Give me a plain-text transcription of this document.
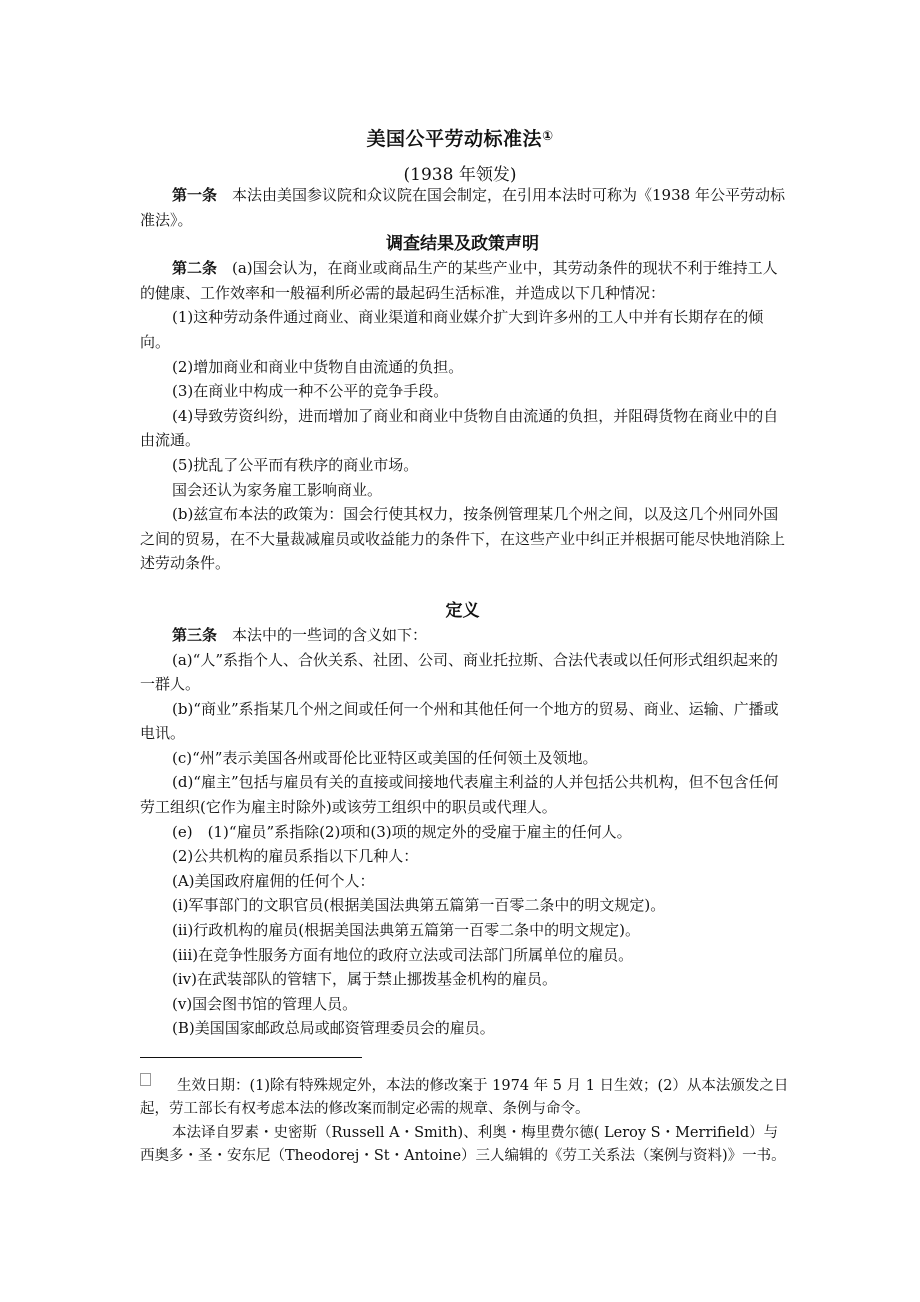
美国公平劳动标准法①
(1938 年领发)

第一条　本法由美国参议院和众议院在国会制定，在引用本法时可称为《1938 年公平劳动标准法》。

调查结果及政策声明

第二条　(a)国会认为，在商业或商品生产的某些产业中，其劳动条件的现状不利于维持工人的健康、工作效率和一般福利所必需的最起码生活标准，并造成以下几种情况：

(1)这种劳动条件通过商业、商业渠道和商业媒介扩大到许多州的工人中并有长期存在的倾向。

(2)增加商业和商业中货物自由流通的负担。

(3)在商业中构成一种不公平的竞争手段。

(4)导致劳资纠纷，进而增加了商业和商业中货物自由流通的负担，并阻碍货物在商业中的自由流通。

(5)扰乱了公平而有秩序的商业市场。

国会还认为家务雇工影响商业。

(b)兹宣布本法的政策为：国会行使其权力，按条例管理某几个州之间，以及这几个州同外国之间的贸易，在不大量裁减雇员或收益能力的条件下，在这些产业中纠正并根据可能尽快地消除上述劳动条件。

定义

第三条　本法中的一些词的含义如下：

(a)“人”系指个人、合伙关系、社团、公司、商业托拉斯、合法代表或以任何形式组织起来的一群人。

(b)“商业”系指某几个州之间或任何一个州和其他任何一个地方的贸易、商业、运输、广播或电讯。

(c)“州”表示美国各州或哥伦比亚特区或美国的任何领土及领地。

(d)“雇主”包括与雇员有关的直接或间接地代表雇主利益的人并包括公共机构，但不包含任何劳工组织(它作为雇主时除外)或该劳工组织中的职员或代理人。

(e)　(1)“雇员”系指除(2)项和(3)项的规定外的受雇于雇主的任何人。

(2)公共机构的雇员系指以下几种人：

(A)美国政府雇佣的任何个人：

(i)军事部门的文职官员(根据美国法典第五篇第一百零二条中的明文规定)。

(ii)行政机构的雇员(根据美国法典第五篇第一百零二条中的明文规定)。

(iii)在竞争性服务方面有地位的政府立法或司法部门所属单位的雇员。

(iv)在武装部队的管辖下，属于禁止挪拨基金机构的雇员。

(v)国会图书馆的管理人员。

(B)美国国家邮政总局或邮资管理委员会的雇员。

生效日期：(1)除有特殊规定外，本法的修改案于 1974 年 5 月 1 日生效；(2）从本法颁发之日起，劳工部长有权考虑本法的修改案而制定必需的规章、条例与命令。

本法译自罗素・史密斯（Russell A・Smith)、利奥・梅里费尔德( Leroy S・Merrifield）与西奥多・圣・安东尼（Theodorej・St・Antoine）三人编辑的《劳工关系法（案例与资料)》一书。
